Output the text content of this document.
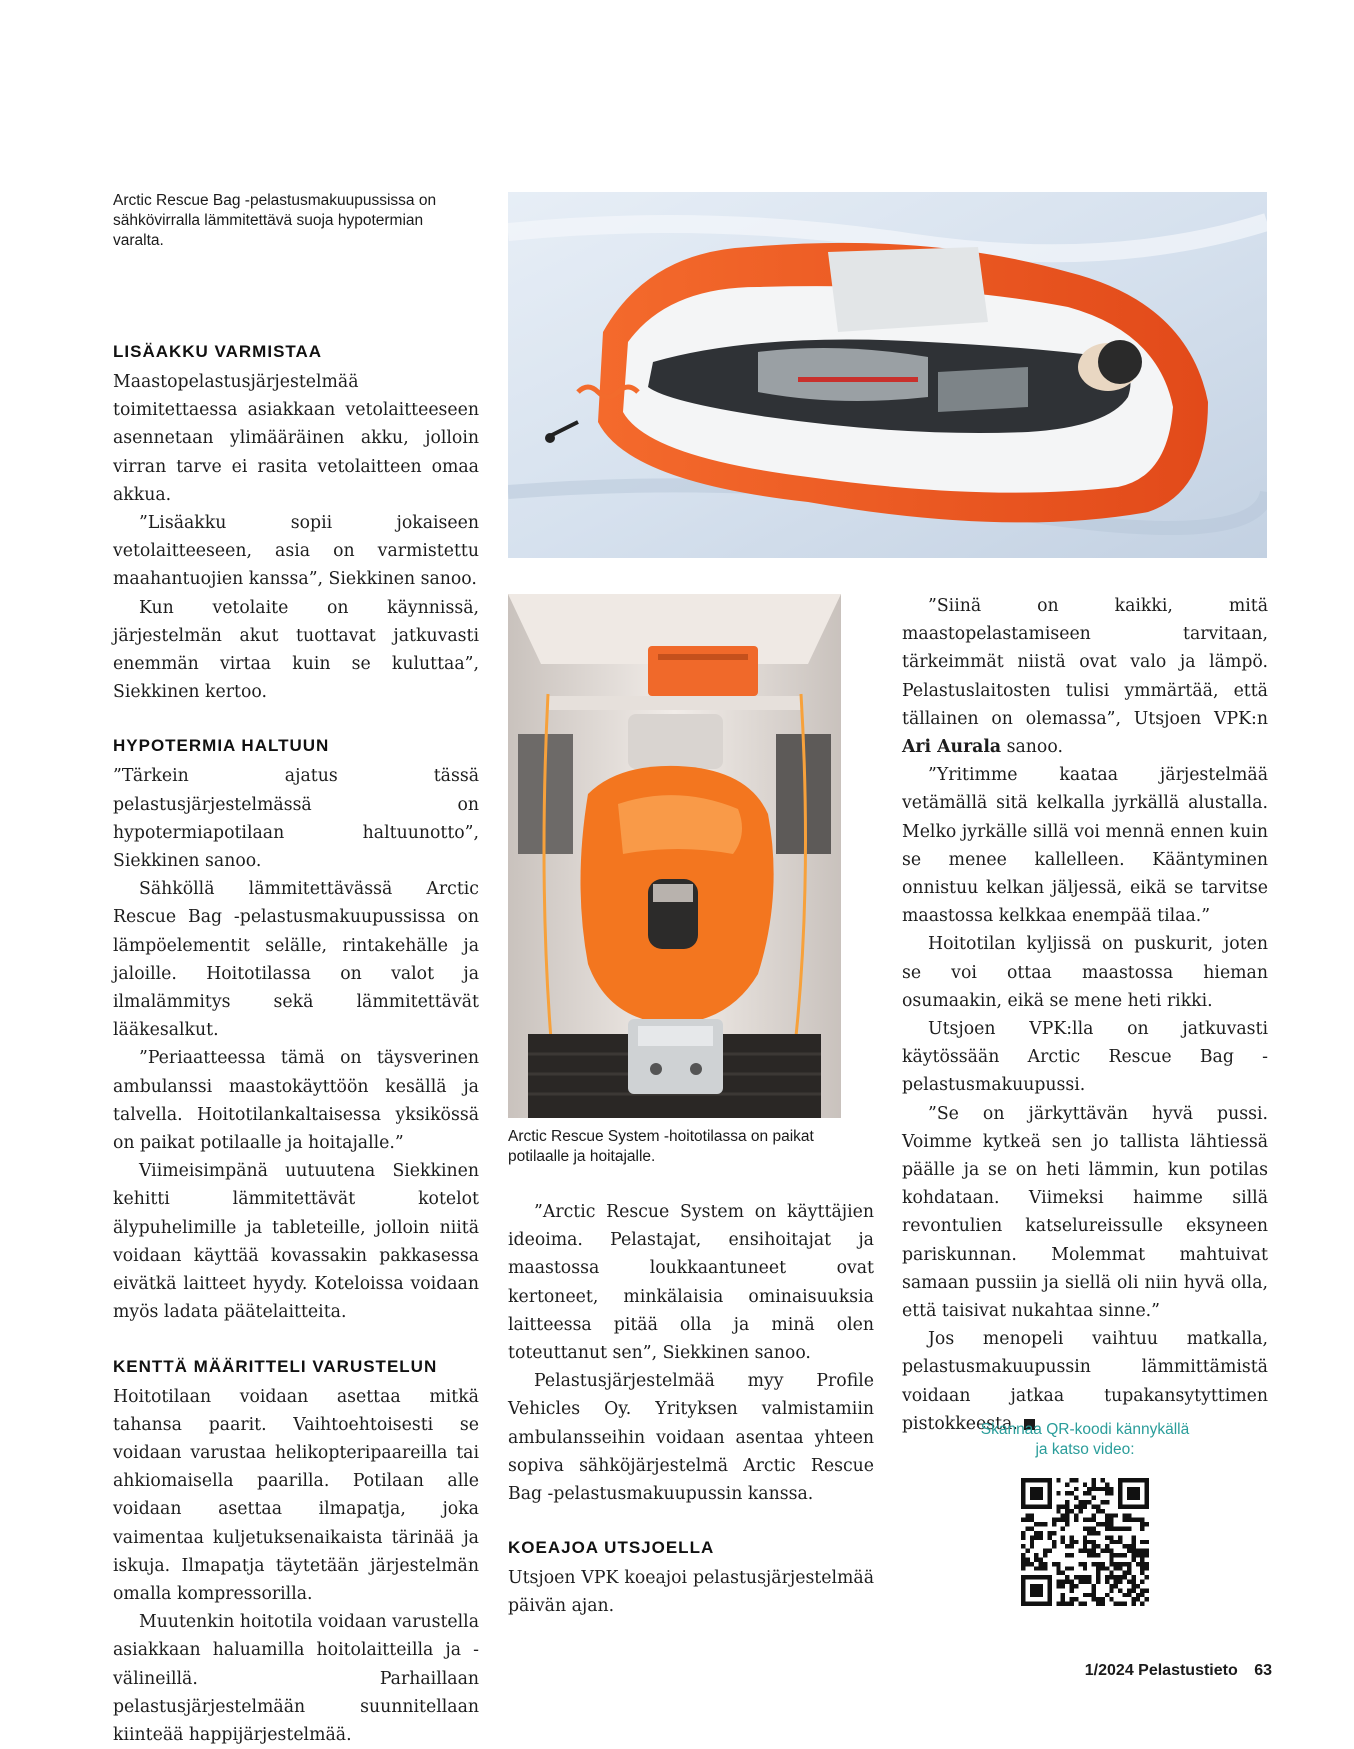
Arctic Rescue Bag -pelastusmakuupussissa on sähkövirralla lämmitettävä suoja hypotermian varalta.
Arctic Rescue System -hoitotilassa on paikat potilaalle ja hoitajalle.
LISÄAKKU VARMISTAA

Maastopelastusjärjestelmää toimitettaessa asiakkaan vetolaitteeseen asennetaan ylimääräinen akku, jolloin virran tarve ei rasita vetolaitteen omaa akkua.

”Lisäakku sopii jokaiseen vetolaitteeseen, asia on varmistettu maahantuojien kanssa”, Siekkinen sanoo.

Kun vetolaite on käynnissä, järjestelmän akut tuottavat jatkuvasti enemmän virtaa kuin se kuluttaa”, Siekkinen kertoo.

HYPOTERMIA HALTUUN

”Tärkein ajatus tässä pelastusjärjestelmässä on hypotermiapotilaan haltuunotto”, Siekkinen sanoo.

Sähköllä lämmitettävässä Arctic Rescue Bag -pelastusmakuupussissa on lämpöelementit selälle, rintakehälle ja jaloille. Hoitotilassa on valot ja ilmalämmitys sekä lämmitettävät lääkesalkut.

”Periaatteessa tämä on täysverinen ambulanssi maastokäyttöön kesällä ja talvella. Hoitotilankaltaisessa yksikössä on paikat potilaalle ja hoitajalle.”

Viimeisimpänä uutuutena Siekkinen kehitti lämmitettävät kotelot älypuhelimille ja tableteille, jolloin niitä voidaan käyttää kovassakin pakkasessa eivätkä laitteet hyydy. Koteloissa voidaan myös ladata päätelaitteita.

KENTTÄ MÄÄRITTELI VARUSTELUN

Hoitotilaan voidaan asettaa mitkä tahansa paarit. Vaihtoehtoisesti se voidaan varustaa helikopteripaareilla tai ahkiomaisella paarilla. Potilaan alle voidaan asettaa ilmapatja, joka vaimentaa kuljetuksenaikaista tärinää ja iskuja. Ilmapatja täytetään järjestelmän omalla kompressorilla.

Muutenkin hoitotila voidaan varustella asiakkaan haluamilla hoitolaitteilla ja -välineillä. Parhaillaan pelastusjärjestelmään suunnitellaan kiinteää happijärjestelmää.

”Arctic Rescue System on käyttäjien ideoima. Pelastajat, ensihoitajat ja maastossa loukkaantuneet ovat kertoneet, minkälaisia ominaisuuksia laitteessa pitää olla ja minä olen toteuttanut sen”, Siekkinen sanoo.

Pelastusjärjestelmää myy Profile Vehicles Oy. Yrityksen valmistamiin ambulansseihin voidaan asentaa yhteen sopiva sähköjärjestelmä Arctic Rescue Bag -pelastusmakuupussin kanssa.

KOEAJOA UTSJOELLA

Utsjoen VPK koeajoi pelastusjärjestelmää päivän ajan.

”Siinä on kaikki, mitä maastopelastamiseen tarvitaan, tärkeimmät niistä ovat valo ja lämpö. Pelastuslaitosten tulisi ymmärtää, että tällainen on olemassa”, Utsjoen VPK:n Ari Aurala sanoo.

”Yritimme kaataa järjestelmää vetämällä sitä kelkalla jyrkällä alustalla. Melko jyrkälle sillä voi mennä ennen kuin se menee kallelleen. Kääntyminen onnistuu kelkan jäljessä, eikä se tarvitse maastossa kelkkaa enempää tilaa.”

Hoitotilan kyljissä on puskurit, joten se voi ottaa maastossa hieman osumaakin, eikä se mene heti rikki.

Utsjoen VPK:lla on jatkuvasti käytössään Arctic Rescue Bag -pelastusmakuupussi.

”Se on järkyttävän hyvä pussi. Voimme kytkeä sen jo tallista lähtiessä päälle ja se on heti lämmin, kun potilas kohdataan. Viimeksi haimme sillä revontulien katselureissulle eksyneen pariskunnan. Molemmat mahtuivat samaan pussiin ja siellä oli niin hyvä olla, että taisivat nukahtaa sinne.”

Jos menopeli vaihtuu matkalla, pelastusmakuupussin lämmittämistä voidaan jatkaa tupakansytyttimen pistokkeesta.

Skannaa QR-koodi kännykällä
ja katso video:
1/2024 Pelastustieto 63
